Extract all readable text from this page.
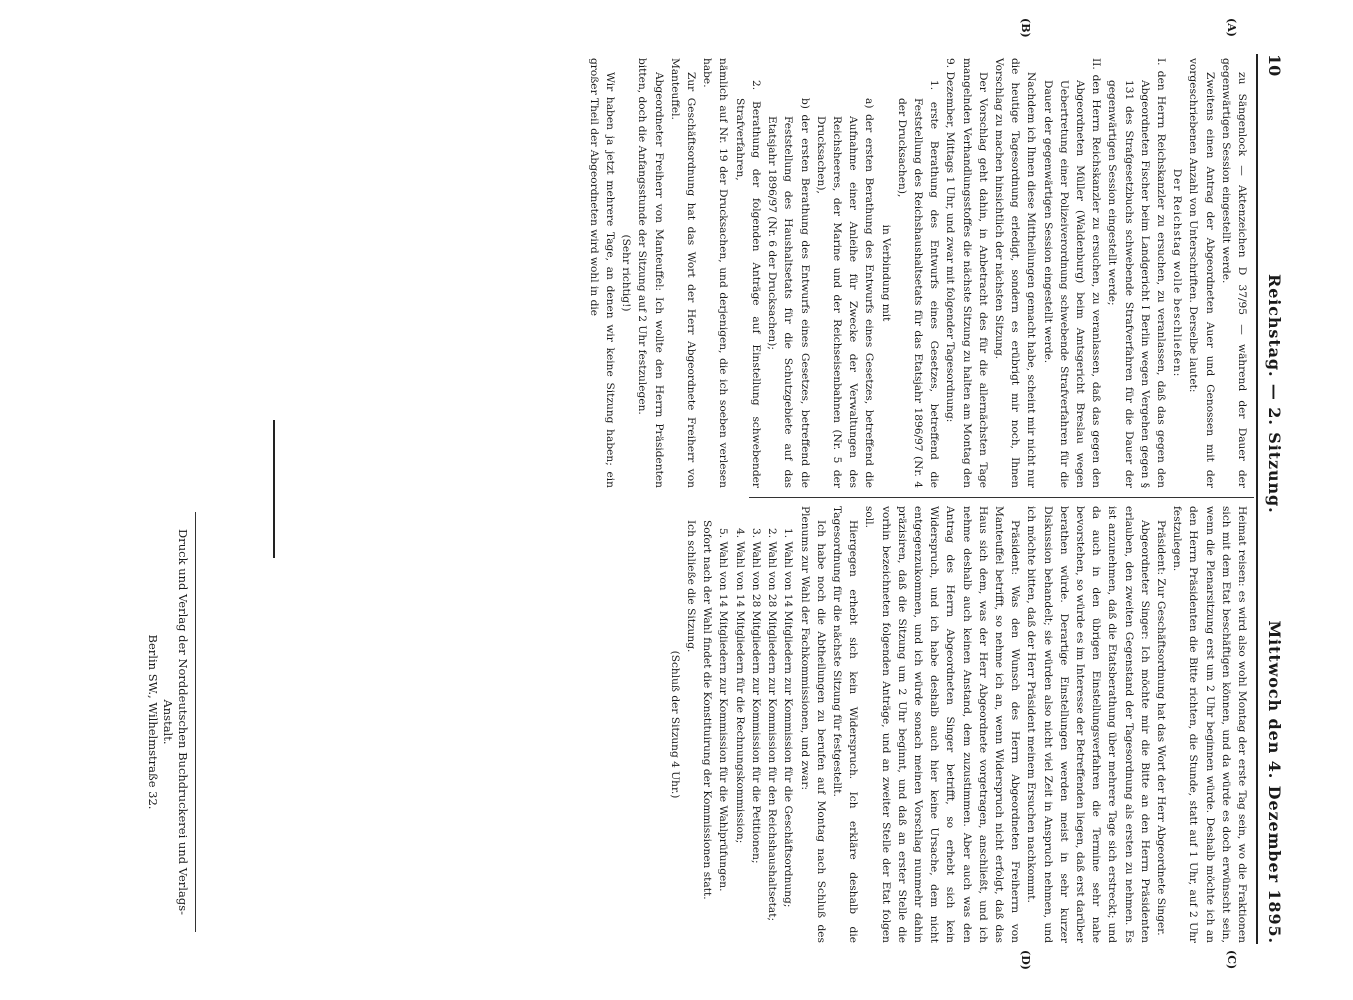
10
Reichstag. — 2. Sitzung.
Mittwoch den 4. Dezember 1895.
(A)
(B)
(C)
(D)

zu Sängenlock — Aktenzeichen D 37/95 — während der Dauer der gegenwärtigen Session eingestellt werde.

Zweitens einen Antrag der Abgeordneten Auer und Genossen mit der vorgeschriebenen Anzahl von Unterschriften. Derselbe lautet:

Der Reichstag wolle beschließen:

I. den Herrn Reichskanzler zu ersuchen, zu veranlassen, daß das gegen den Abgeordneten Fischer beim Landgericht I Berlin wegen Vergehen gegen § 131 des Strafgesetzbuchs schwebende Strafverfahren für die Dauer der gegenwärtigen Session eingestellt werde;

II. den Herrn Reichskanzler zu ersuchen, zu veranlassen, daß das gegen den Abgeordneten Müller (Waldenburg) beim Amtsgericht Breslau wegen Uebertretung einer Polizeiverordnung schwebende Strafverfahren für die Dauer der gegenwärtigen Session eingestellt werde.

Nachdem ich Ihnen diese Mittheilungen gemacht habe, scheint mir nicht nur die heutige Tagesordnung erledigt, sondern es erübrigt mir noch, Ihnen Vorschlag zu machen hinsichtlich der nächsten Sitzung.

Der Vorschlag geht dahin, in Anbetracht des für die allernächsten Tage mangelnden Verhandlungsstoffes die nächste Sitzung zu halten am Montag den 9. Dezember, Mittags 1 Uhr, und zwar mit folgender Tagesordnung:

1. erste Berathung des Entwurfs eines Gesetzes, betreffend die Feststellung des Reichshaushaltsetats für das Etatsjahr 1896/97 (Nr. 4 der Drucksachen),

in Verbindung mit

a) der ersten Berathung des Entwurfs eines Gesetzes, betreffend die Aufnahme einer Anleihe für Zwecke der Verwaltungen des Reichsheeres, der Marine und der Reichseisenbahnen (Nr. 5 der Drucksachen),

b) der ersten Berathung des Entwurfs eines Gesetzes, betreffend die Feststellung des Haushaltsetats für die Schutzgebiete auf das Etatsjahr 1896/97 (Nr. 6 der Drucksachen);

2. Berathung der folgenden Anträge auf Einstellung schwebender Strafverfahren,

nämlich auf Nr. 19 der Drucksachen, und derjenigen, die ich soeben verlesen habe.

Zur Geschäftsordnung hat das Wort der Herr Abgeordnete Freiherr von Manteuffel.

Abgeordneter Freiherr von Manteuffel: Ich wollte den Herrn Präsidenten bitten, doch die Anfangsstunde der Sitzung auf 2 Uhr festzulegen.

(Sehr richtig!)

Wir haben ja jetzt mehrere Tage, an denen wir keine Sitzung haben; ein großer Theil der Abgeordneten wird wohl in die

Heimat reisen: es wird also wohl Montag der erste Tag sein, wo die Fraktionen sich mit dem Etat beschäftigen können, und da würde es doch erwünscht sein, wenn die Plenarsitzung erst um 2 Uhr beginnen würde. Deshalb möchte ich an den Herrn Präsidenten die Bitte richten, die Stunde, statt auf 1 Uhr, auf 2 Uhr festzulegen.

Präsident: Zur Geschäftsordnung hat das Wort der Herr Abgeordnete Singer.

Abgeordneter Singer: Ich möchte mir die Bitte an den Herrn Präsidenten erlauben, den zweiten Gegenstand der Tagesordnung als ersten zu nehmen. Es ist anzunehmen, daß die Etatsberathung über mehrere Tage sich erstreckt; und da auch in den übrigen Einstellungsverfahren die Termine sehr nahe bevorstehen, so würde es im Interesse der Betreffenden liegen, daß erst darüber berathen würde. Derartige Einstellungen werden meist in sehr kurzer Diskussion behandelt; sie würden also nicht viel Zeit in Anspruch nehmen, und ich möchte bitten, daß der Herr Präsident meinem Ersuchen nachkommt.

Präsident: Was den Wunsch des Herrn Abgeordneten Freiherrn von Manteuffel betrifft, so nehme ich an, wenn Widerspruch nicht erfolgt, daß das Haus sich dem, was der Herr Abgeordnete vorgetragen, anschließt, und ich nehme deshalb auch keinen Anstand, dem zuzustimmen. Aber auch was den Antrag des Herrn Abgeordneten Singer betrifft, so erhebt sich kein Widerspruch, und ich habe deshalb auch hier keine Ursache, dem nicht entgegenzukommen, und ich würde sonach meinen Vorschlag nunmehr dahin präzisiren, daß die Sitzung um 2 Uhr beginnt, und daß an erster Stelle die vorhin bezeichneten folgenden Anträge, und an zweiter Stelle der Etat folgen soll.

Hiergegen erhebt sich kein Widerspruch. Ich erkläre deshalb die Tagesordnung für die nächste Sitzung für festgestellt.

Ich habe noch die Abtheilungen zu berufen auf Montag nach Schluß des Plenums zur Wahl der Fachkommissionen, und zwar:

1. Wahl von 14 Mitgliedern zur Kommission für die Geschäftsordnung;

2. Wahl von 28 Mitgliedern zur Kommission für den Reichshaushaltsetat;

3. Wahl von 28 Mitgliedern zur Kommission für die Petitionen;

4. Wahl von 14 Mitgliedern für die Rechnungskommission;

5. Wahl von 14 Mitgliedern zur Kommission für die Wahlprüfungen.

Sofort nach der Wahl findet die Konstituirung der Kommissionen statt.

Ich schließe die Sitzung.

(Schluß der Sitzung 4 Uhr.)

Druck und Verlag der Norddeutschen Buchdruckerei und Verlags-Anstalt.
Berlin SW., Wilhelmstraße 32.
